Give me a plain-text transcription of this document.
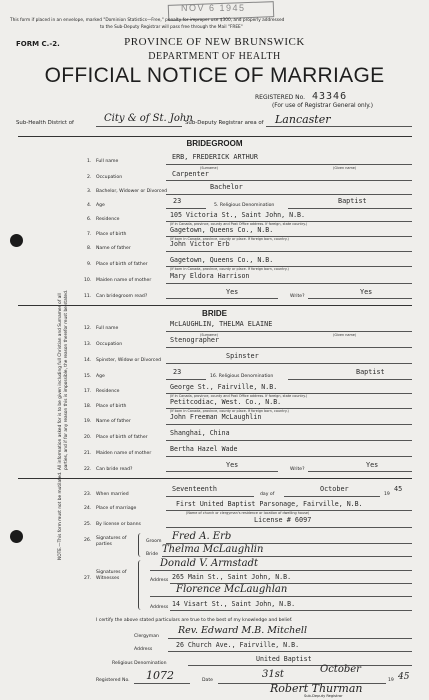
NOV 6 1945
This form if placed in an envelope, marked "Dominion Statistics—Free," penalty for improper use $300, and properly addressed
to the Sub-Deputy Registrar will pass free through the Mail "FREE"
FORM C.-2.	PROVINCE OF NEW BRUNSWICK
DEPARTMENT OF HEALTH
OFFICIAL NOTICE OF MARRIAGE
REGISTERED No. 43346
(For use of Registrar General only.)
Sub-Health District of	City & of St. John
Sub-Deputy Registrar area of Lancaster
NOTE.—This form must not be mutilated. All information asked for is to be given including full Christian and Surnames of all parties, and if for any reason this is impossible, the reason therefor must be stated.
BRIDEGROOM
1. Full name
ERB, FREDERICK ARTHUR
(Surname)	(Given name)
2. Occupation	Carpenter
3. Bachelor, Widower or Divorced
Bachelor
4. Age
23
5. Religious Denomination
Baptist
6. Residence
105 Victoria St., Saint John, N.B.
(If in Canada, province, county and Post Office address. If foreign, state country.)
7. Place of birth
Gagetown, Queens Co., N.B.
(If born in Canada, province, county or place. If foreign born, country.)
8. Name of father
John Victor Erb
9. Place of birth of father
Gagetown, Queens Co., N.B.
(If born in Canada, province, county or place. If foreign born, country.)
10. Maiden name of mother
Mary Eldora Harrison
11. Can bridegroom read?
Yes
Write?
Yes
BRIDE
12. Full name
McLAUGHLIN, THELMA ELAINE
(Surname)	(Given name)
13. Occupation
Stenographer
14. Spinster, Widow or Divorced
Spinster
15. Age
23
16. Religious Denomination
Baptist
17. Residence
George St., Fairville, N.B.
(If in Canada, province, county and Post Office address. If foreign, state country.)
18. Place of birth
Petitcodiac, West. Co., N.B.
(If born in Canada, province, county or place. If foreign born, country.)
19. Name of father
John Freeman McLaughlin
20. Place of birth of father
Shanghai, China
21. Maiden name of mother
Bertha Hazel Wade
22. Can bride read?
Yes
Write?
Yes
23. When married
Seventeenth
day of
October
19
45
24. Place of marriage
First United Baptist Parsonage, Fairville, N.B.
(Name of church or clergyman's residence or location of dwelling house)
25. By license or banns
License # 6097
26. Signatures of parties
Groom Fred A. Erb
Bride Thelma McLaughlin
27.
Signatures of Witnesses
Donald V. Armstadt
Address 265 Main St., Saint John, N.B.
Florence McLaughlan
Address 14 Visart St., Saint John, N.B.
I certify the above stated particulars are true to the best of my knowledge and belief.
Clergyman
Rev. Edward M.B. Mitchell
Address
26 Church Ave., Fairville, N.B.
Religious Denomination
United Baptist
Registered No. 1072	Date
31st	October
19 45
Robert Thurman
Sub-Deputy Registrar
